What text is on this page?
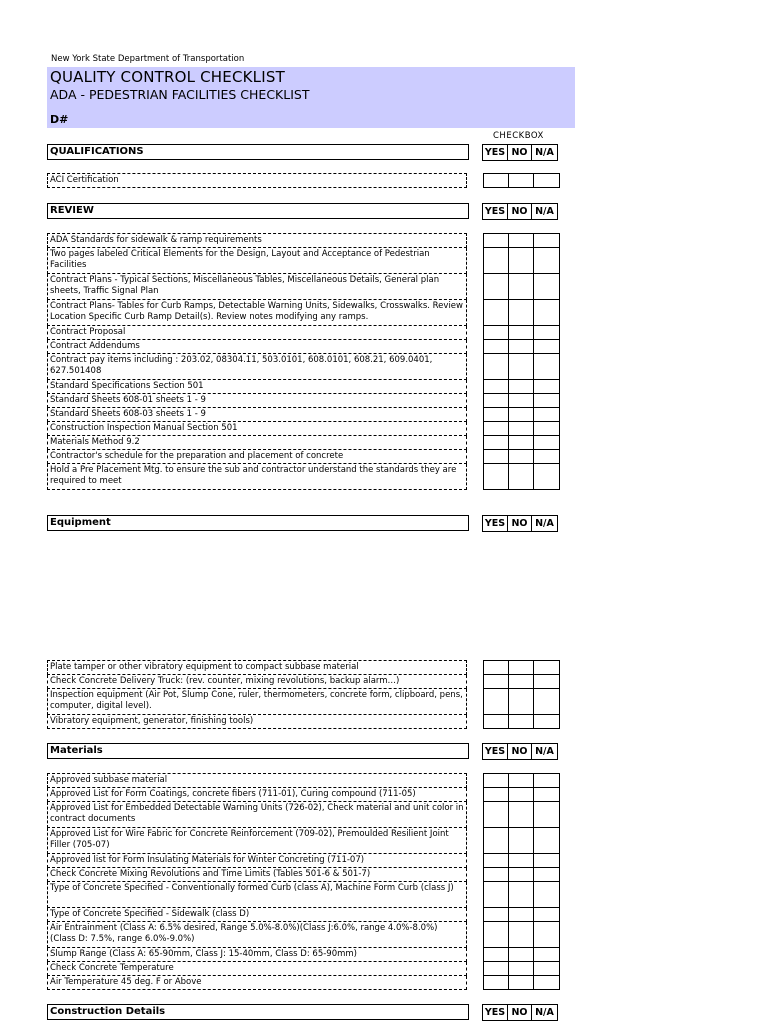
New York State Department of Transportation
QUALITY CONTROL CHECKLIST
ADA - PEDESTRIAN FACILITIES CHECKLIST
D#
CHECKBOX
QUALIFICATIONS	YES NO N/A
ACI Certification
REVIEW	YES NO N/A
ADA Standards for sidewalk & ramp requirements
Two pages labeled Critical Elements for the Design, Layout and Acceptance of Pedestrian Facilities
Contract Plans - Typical Sections, Miscellaneous Tables, Miscellaneous Details, General plan sheets, Traffic Signal Plan
Contract Plans- Tables for Curb Ramps, Detectable Warning Units, Sidewalks, Crosswalks. Review Location Specific Curb Ramp Detail(s). Review notes modifying any ramps.
Contract Proposal
Contract Addendums
Contract pay items including : 203.02, 08304.11, 503.0101, 608.0101, 608.21, 609.0401, 627.501408
Standard Specifications Section 501
Standard Sheets 608-01 sheets 1 - 9
Standard Sheets 608-03 sheets 1 - 9
Construction Inspection Manual Section 501
Materials Method 9.2
Contractor's schedule for the preparation and placement of concrete
Hold a Pre Placement Mtg. to ensure the sub and contractor understand the standards they are required to meet
Equipment	YES NO N/A
Plate tamper or other vibratory equipment to compact subbase material
Check Concrete Delivery Truck: (rev. counter, mixing revolutions, backup alarm…)
Inspection equipment (Air Pot, Slump Cone, ruler, thermometers, concrete form, clipboard, pens, computer, digital level).
Vibratory equipment, generator, finishing tools)
Materials	YES NO N/A
Approved subbase material
Approved List for Form Coatings, concrete fibers (711-01), Curing compound (711-05)
Approved List for Embedded Detectable Warning Units (726-02), Check material and unit color in contract documents
Approved List for Wire Fabric for Concrete Reinforcement (709-02), Premoulded Resilient Joint Filler (705-07)
Approved list for Form Insulating Materials for Winter Concreting (711-07)
Check Concrete Mixing Revolutions and Time Limits (Tables 501-6 & 501-7)
Type of Concrete Specified - Conventionally formed Curb (class A), Machine Form Curb (class J)
Type of Concrete Specified - Sidewalk (class D)
Air Entrainment (Class A: 6.5% desired, Range 5.0%-8.0%)(Class J:6.0%, range 4.0%-8.0%) (Class D: 7.5%, range 6.0%-9.0%)
Slump Range (Class A: 65-90mm, Class J: 15-40mm, Class D: 65-90mm)
Check Concrete Temperature
Air Temperature 45 deg. F or Above
Construction Details	YES NO N/A
